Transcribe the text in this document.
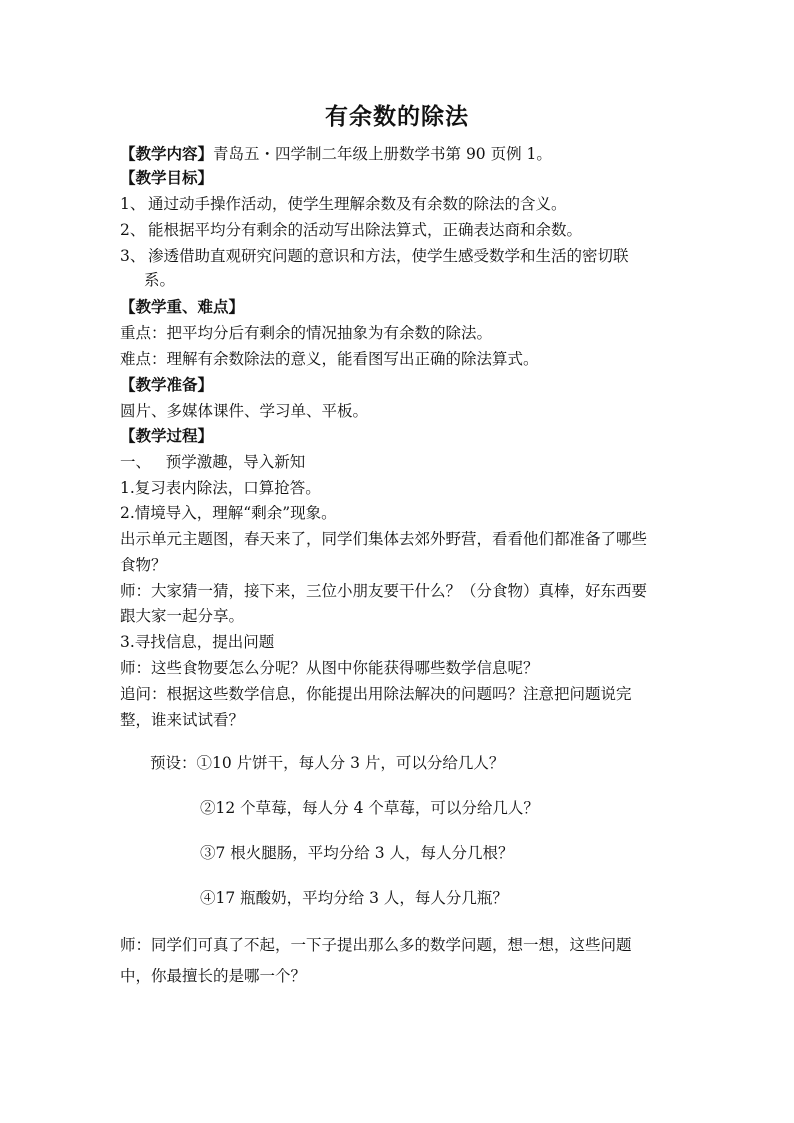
有余数的除法
【教学内容】青岛五・四学制二年级上册数学书第 90 页例 1。
【教学目标】
1、 通过动手操作活动，使学生理解余数及有余数的除法的含义。
2、 能根据平均分有剩余的活动写出除法算式，正确表达商和余数。
3、 渗透借助直观研究问题的意识和方法，使学生感受数学和生活的密切联
系。
【教学重、难点】
重点：把平均分后有剩余的情况抽象为有余数的除法。
难点：理解有余数除法的意义，能看图写出正确的除法算式。
【教学准备】
圆片、多媒体课件、学习单、平板。
【教学过程】
一、   预学激趣，导入新知
1.复习表内除法，口算抢答。
2.情境导入，理解“剩余”现象。
出示单元主题图，春天来了，同学们集体去郊外野营，看看他们都准备了哪些
食物？
师：大家猜一猜，接下来，三位小朋友要干什么？（分食物）真棒，好东西要
跟大家一起分享。
3.寻找信息，提出问题
师：这些食物要怎么分呢？从图中你能获得哪些数学信息呢？
追问：根据这些数学信息，你能提出用除法解决的问题吗？注意把问题说完
整，谁来试试看？
预设：①10 片饼干，每人分 3 片，可以分给几人？
②12 个草莓，每人分 4 个草莓，可以分给几人？
③7 根火腿肠，平均分给 3 人，每人分几根？
④17 瓶酸奶，平均分给 3 人，每人分几瓶？
师：同学们可真了不起，一下子提出那么多的数学问题，想一想，这些问题
中，你最擅长的是哪一个？
